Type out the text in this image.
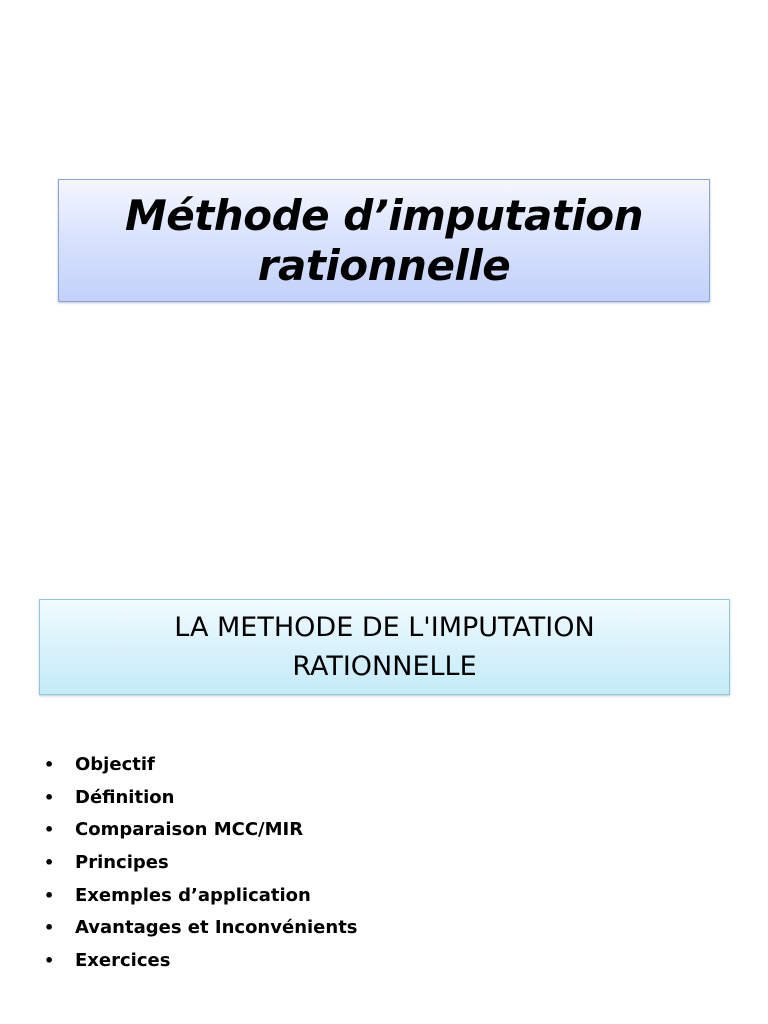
Méthode d’imputation
rationnelle
LA METHODE DE L'IMPUTATION
RATIONNELLE
•	Objectif
•	Définition
•	Comparaison MCC/MIR
•	Principes
•	Exemples d’application
•	Avantages et Inconvénients
•	Exercices
